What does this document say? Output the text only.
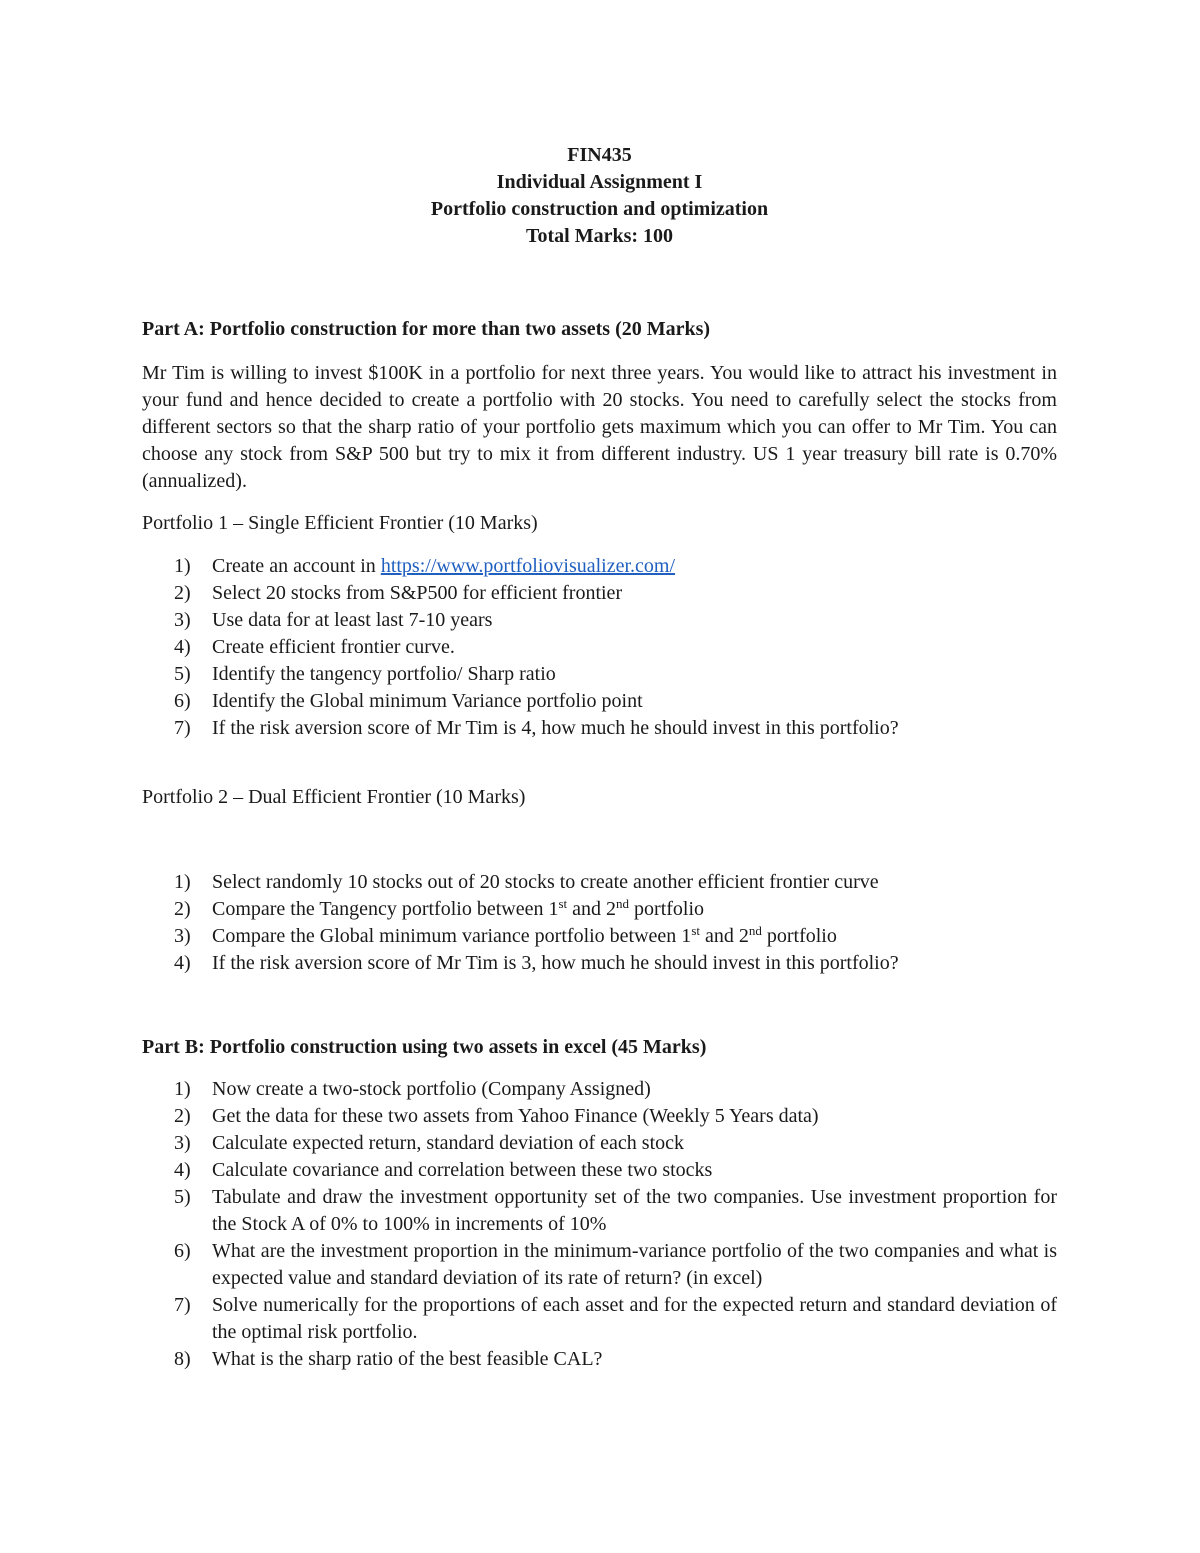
FIN435
Individual Assignment I
Portfolio construction and optimization
Total Marks: 100

Part A: Portfolio construction for more than two assets (20 Marks)

Mr Tim is willing to invest $100K in a portfolio for next three years. You would like to attract his investment in your fund and hence decided to create a portfolio with 20 stocks. You need to carefully select the stocks from different sectors so that the sharp ratio of your portfolio gets maximum which you can offer to Mr Tim. You can choose any stock from S&P 500 but try to mix it from different industry. US 1 year treasury bill rate is 0.70% (annualized).

Portfolio 1 – Single Efficient Frontier (10 Marks)

1) Create an account in https://www.portfoliovisualizer.com/
2) Select 20 stocks from S&P500 for efficient frontier
3) Use data for at least last 7-10 years
4) Create efficient frontier curve.
5) Identify the tangency portfolio/ Sharp ratio
6) Identify the Global minimum Variance portfolio point
7) If the risk aversion score of Mr Tim is 4, how much he should invest in this portfolio?

Portfolio 2 – Dual Efficient Frontier (10 Marks)

1) Select randomly 10 stocks out of 20 stocks to create another efficient frontier curve
2) Compare the Tangency portfolio between 1st and 2nd portfolio
3) Compare the Global minimum variance portfolio between 1st and 2nd portfolio
4) If the risk aversion score of Mr Tim is 3, how much he should invest in this portfolio?

Part B: Portfolio construction using two assets in excel (45 Marks)

1) Now create a two-stock portfolio (Company Assigned)
2) Get the data for these two assets from Yahoo Finance (Weekly 5 Years data)
3) Calculate expected return, standard deviation of each stock
4) Calculate covariance and correlation between these two stocks
5) Tabulate and draw the investment opportunity set of the two companies. Use investment proportion for the Stock A of 0% to 100% in increments of 10%
6) What are the investment proportion in the minimum-variance portfolio of the two companies and what is expected value and standard deviation of its rate of return? (in excel)
7) Solve numerically for the proportions of each asset and for the expected return and standard deviation of the optimal risk portfolio.
8) What is the sharp ratio of the best feasible CAL?
